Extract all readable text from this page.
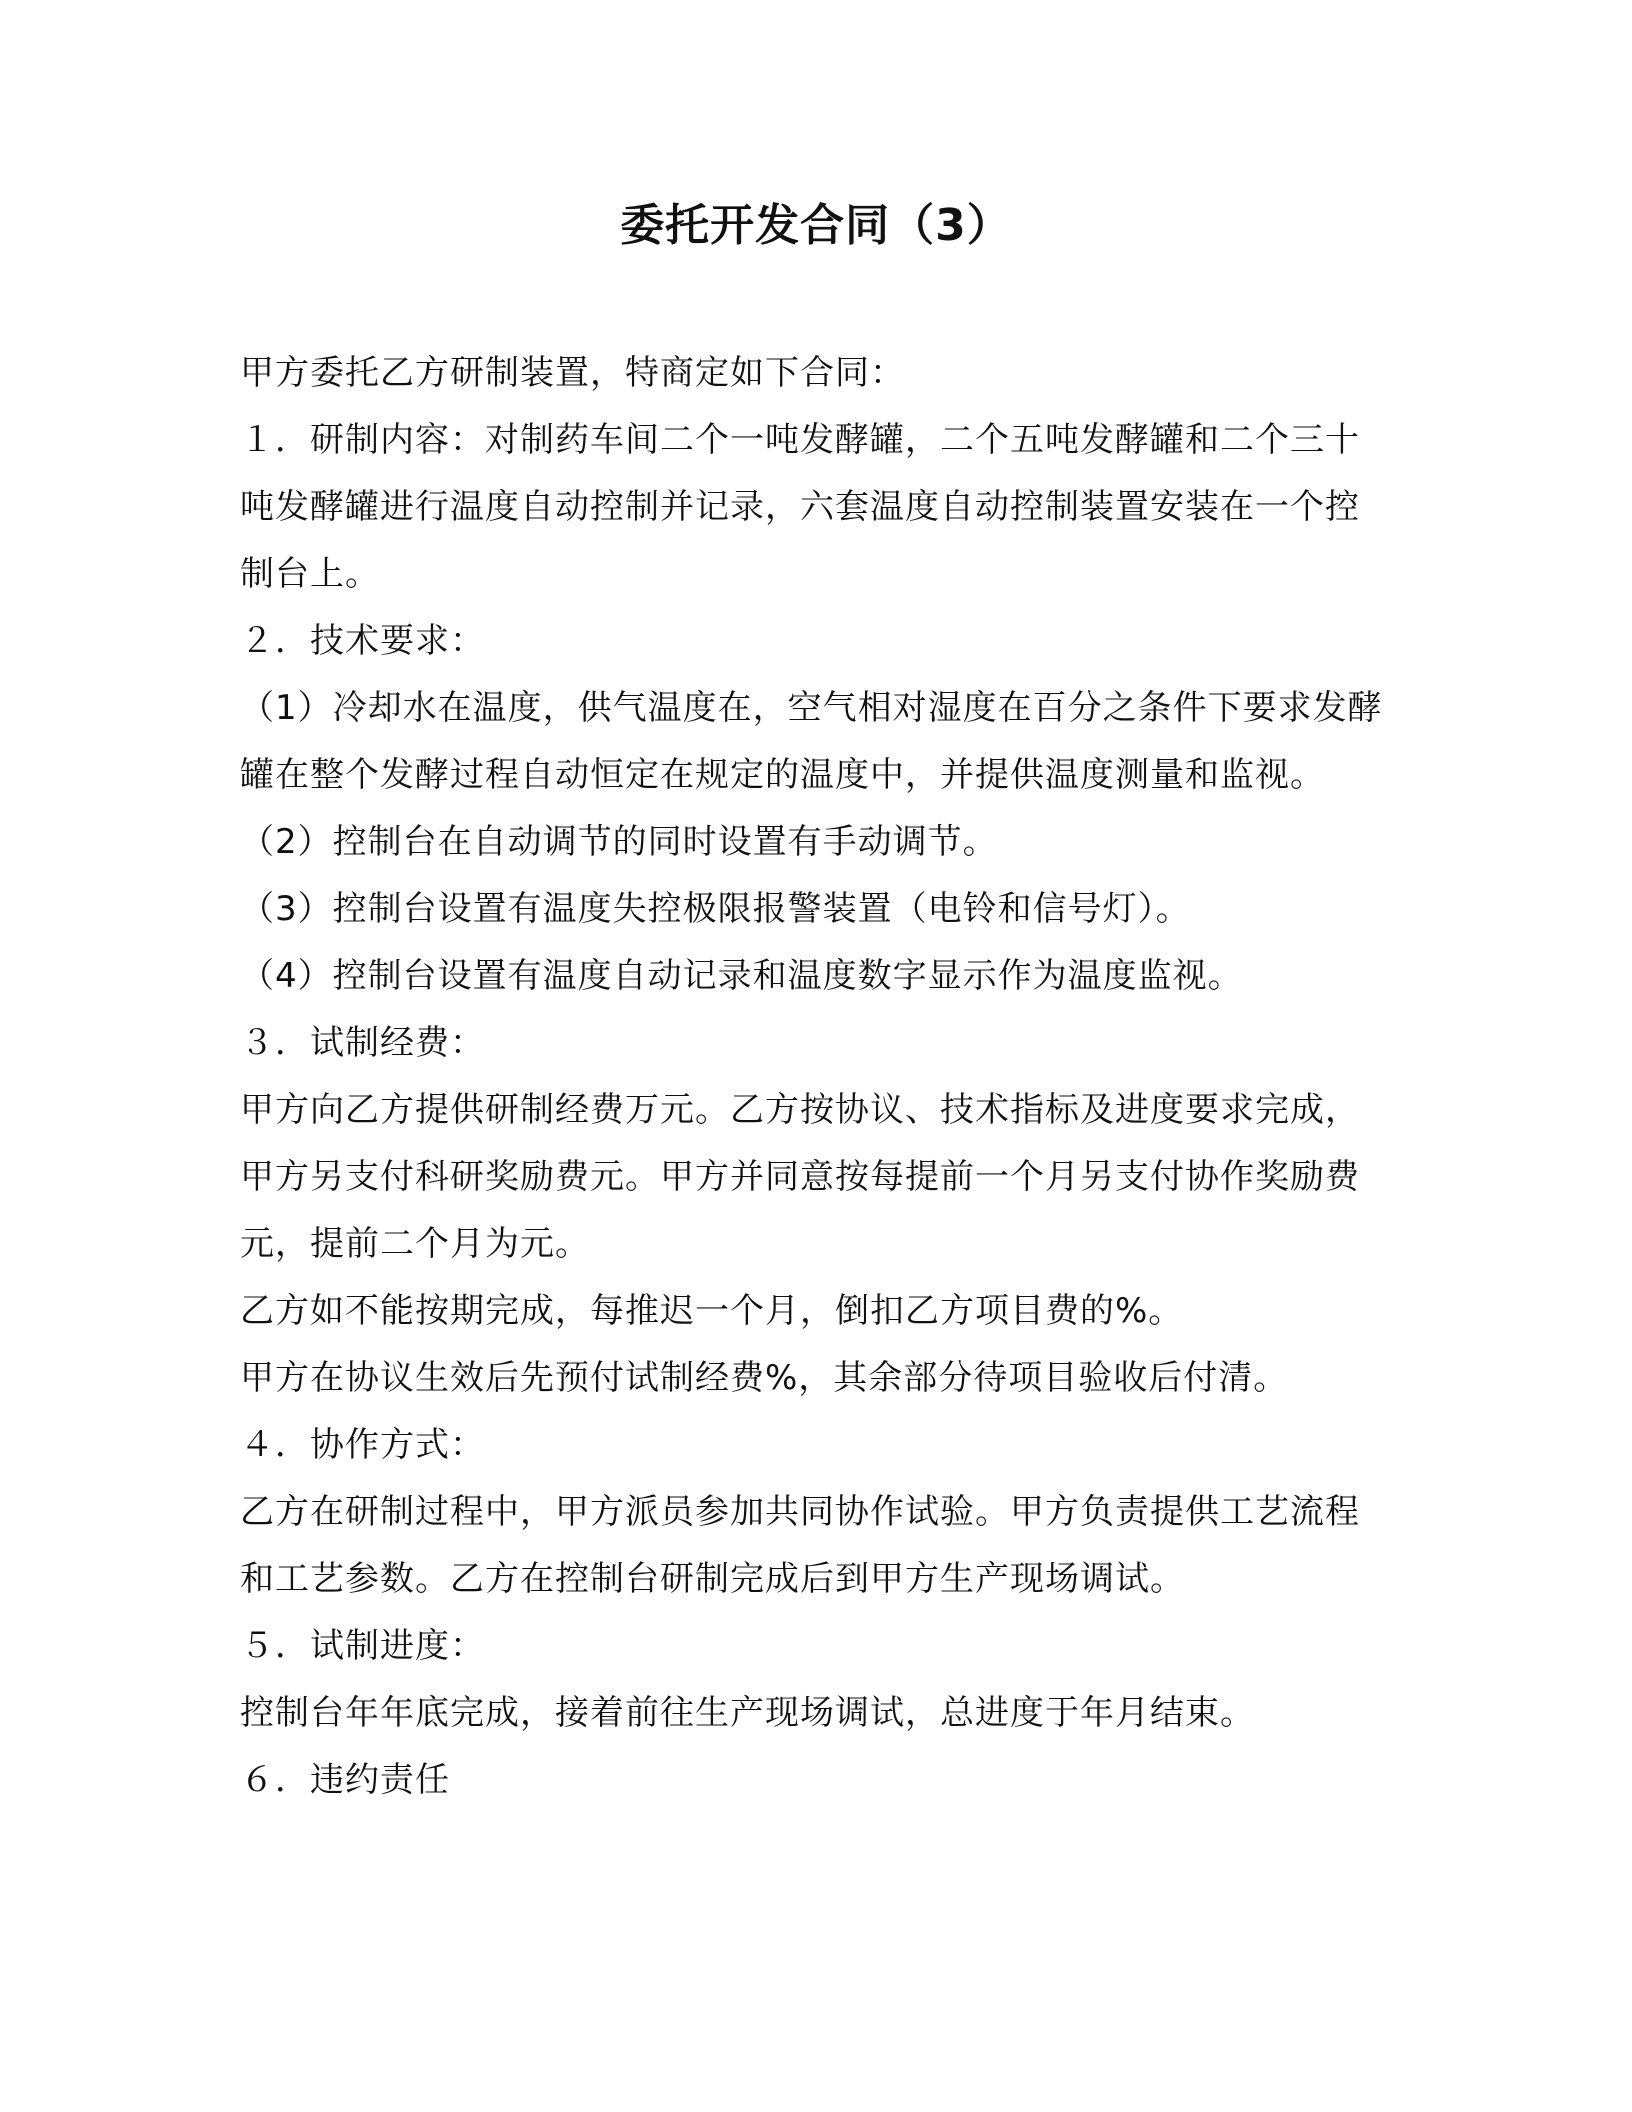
委托开发合同（3）

甲方委托乙方研制装置，特商定如下合同：

１．研制内容：对制药车间二个一吨发酵罐，二个五吨发酵罐和二个三十吨发酵罐进行温度自动控制并记录，六套温度自动控制装置安装在一个控制台上。

２．技术要求：

（1）冷却水在温度，供气温度在，空气相对湿度在百分之条件下要求发酵罐在整个发酵过程自动恒定在规定的温度中，并提供温度测量和监视。

（2）控制台在自动调节的同时设置有手动调节。

（3）控制台设置有温度失控极限报警装置（电铃和信号灯）。

（4）控制台设置有温度自动记录和温度数字显示作为温度监视。

３．试制经费：

甲方向乙方提供研制经费万元。乙方按协议、技术指标及进度要求完成，甲方另支付科研奖励费元。甲方并同意按每提前一个月另支付协作奖励费元，提前二个月为元。

乙方如不能按期完成，每推迟一个月，倒扣乙方项目费的%。

甲方在协议生效后先预付试制经费%，其余部分待项目验收后付清。

４．协作方式：

乙方在研制过程中，甲方派员参加共同协作试验。甲方负责提供工艺流程和工艺参数。乙方在控制台研制完成后到甲方生产现场调试。

５．试制进度：

控制台年年底完成，接着前往生产现场调试，总进度于年月结束。

６．违约责任
